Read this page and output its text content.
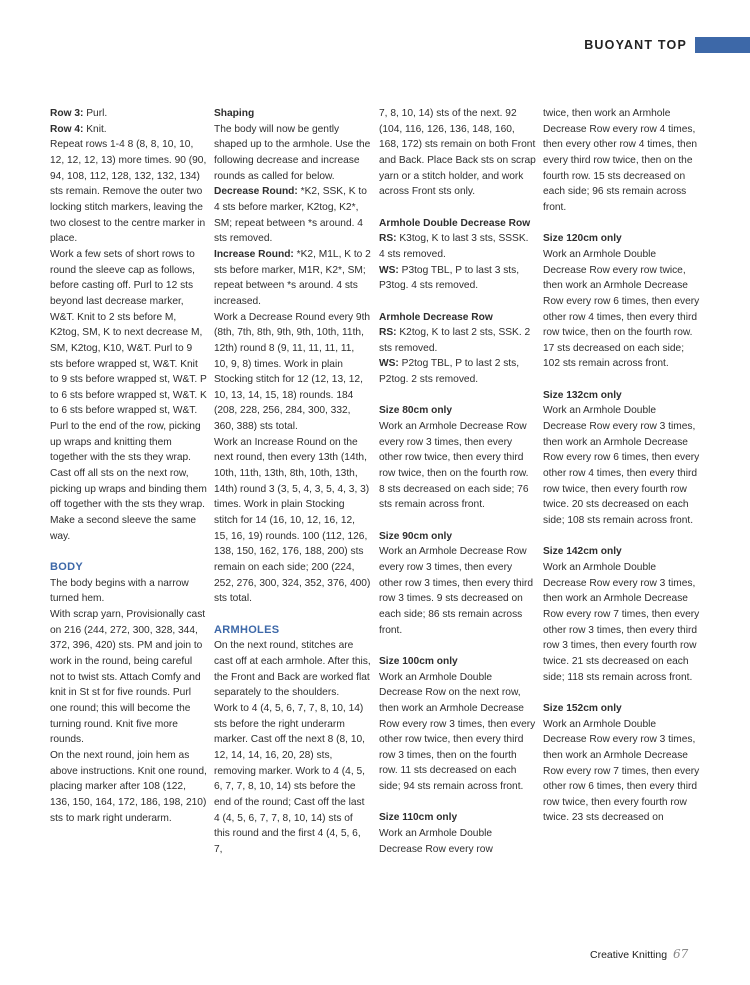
BUOYANT TOP

Row 3: Purl.

Row 4: Knit.

Repeat rows 1-4 8 (8, 8, 10, 10, 12, 12, 12, 13) more times. 90 (90, 94, 108, 112, 128, 132, 132, 134) sts remain. Remove the outer two locking stitch markers, leaving the two closest to the centre marker in place.

Work a few sets of short rows to round the sleeve cap as follows, before casting off. Purl to 12 sts beyond last decrease marker, W&T. Knit to 2 sts before M, K2tog, SM, K to next decrease M, SM, K2tog, K10, W&T. Purl to 9 sts before wrapped st, W&T. Knit to 9 sts before wrapped st, W&T. P to 6 sts before wrapped st, W&T. K to 6 sts before wrapped st, W&T.

Purl to the end of the row, picking up wraps and knitting them together with the sts they wrap.

Cast off all sts on the next row, picking up wraps and binding them off together with the sts they wrap.

Make a second sleeve the same way.

BODY

The body begins with a narrow turned hem.

With scrap yarn, Provisionally cast on 216 (244, 272, 300, 328, 344, 372, 396, 420) sts. PM and join to work in the round, being careful not to twist sts. Attach Comfy and knit in St st for five rounds. Purl one round; this will become the turning round. Knit five more rounds.

On the next round, join hem as above instructions. Knit one round, placing marker after 108 (122, 136, 150, 164, 172, 186, 198, 210) sts to mark right underarm.

Shaping

The body will now be gently shaped up to the armhole. Use the following decrease and increase rounds as called for below.

Decrease Round: *K2, SSK, K to 4 sts before marker, K2tog, K2*, SM; repeat between *s around. 4 sts removed.

Increase Round: *K2, M1L, K to 2 sts before marker, M1R, K2*, SM; repeat between *s around. 4 sts increased.

Work a Decrease Round every 9th (8th, 7th, 8th, 9th, 9th, 10th, 11th, 12th) round 8 (9, 11, 11, 11, 11, 10, 9, 8) times. Work in plain Stocking stitch for 12 (12, 13, 12, 10, 13, 14, 15, 18) rounds. 184 (208, 228, 256, 284, 300, 332, 360, 388) sts total.

Work an Increase Round on the next round, then every 13th (14th, 10th, 11th, 13th, 8th, 10th, 13th, 14th) round 3 (3, 5, 4, 3, 5, 4, 3, 3) times. Work in plain Stocking stitch for 14 (16, 10, 12, 16, 12, 15, 16, 19) rounds. 100 (112, 126, 138, 150, 162, 176, 188, 200) sts remain on each side; 200 (224, 252, 276, 300, 324, 352, 376, 400) sts total.

ARMHOLES

On the next round, stitches are cast off at each armhole. After this, the Front and Back are worked flat separately to the shoulders.

Work to 4 (4, 5, 6, 7, 7, 8, 10, 14) sts before the right underarm marker. Cast off the next 8 (8, 10, 12, 14, 14, 16, 20, 28) sts, removing marker. Work to 4 (4, 5, 6, 7, 7, 8, 10, 14) sts before the end of the round; Cast off the last 4 (4, 5, 6, 7, 7, 8, 10, 14) sts of this round and the first 4 (4, 5, 6, 7,

7, 8, 10, 14) sts of the next. 92 (104, 116, 126, 136, 148, 160, 168, 172) sts remain on both Front and Back. Place Back sts on scrap yarn or a stitch holder, and work across Front sts only.

Armhole Double Decrease Row

RS: K3tog, K to last 3 sts, SSSK. 4 sts removed.

WS: P3tog TBL, P to last 3 sts, P3tog. 4 sts removed.

Armhole Decrease Row

RS: K2tog, K to last 2 sts, SSK. 2 sts removed.

WS: P2tog TBL, P to last 2 sts, P2tog. 2 sts removed.

Size 80cm only

Work an Armhole Decrease Row every row 3 times, then every other row twice, then every third row twice, then on the fourth row. 8 sts decreased on each side; 76 sts remain across front.

Size 90cm only

Work an Armhole Decrease Row every row 3 times, then every other row 3 times, then every third row 3 times. 9 sts decreased on each side; 86 sts remain across front.

Size 100cm only

Work an Armhole Double Decrease Row on the next row, then work an Armhole Decrease Row every row 3 times, then every other row twice, then every third row 3 times, then on the fourth row. 11 sts decreased on each side; 94 sts remain across front.

Size 110cm only

Work an Armhole Double Decrease Row every row

twice, then work an Armhole Decrease Row every row 4 times, then every other row 4 times, then every third row twice, then on the fourth row. 15 sts decreased on each side; 96 sts remain across front.

Size 120cm only

Work an Armhole Double Decrease Row every row twice, then work an Armhole Decrease Row every row 6 times, then every other row 4 times, then every third row twice, then on the fourth row. 17 sts decreased on each side; 102 sts remain across front.

Size 132cm only

Work an Armhole Double Decrease Row every row 3 times, then work an Armhole Decrease Row every row 6 times, then every other row 4 times, then every third row twice, then every fourth row twice. 20 sts decreased on each side; 108 sts remain across front.

Size 142cm only

Work an Armhole Double Decrease Row every row 3 times, then work an Armhole Decrease Row every row 7 times, then every other row 3 times, then every third row 3 times, then every fourth row twice. 21 sts decreased on each side; 118 sts remain across front.

Size 152cm only

Work an Armhole Double Decrease Row every row 3 times, then work an Armhole Decrease Row every row 7 times, then every other row 6 times, then every third row twice, then every fourth row twice. 23 sts decreased on

Creative Knitting 67
